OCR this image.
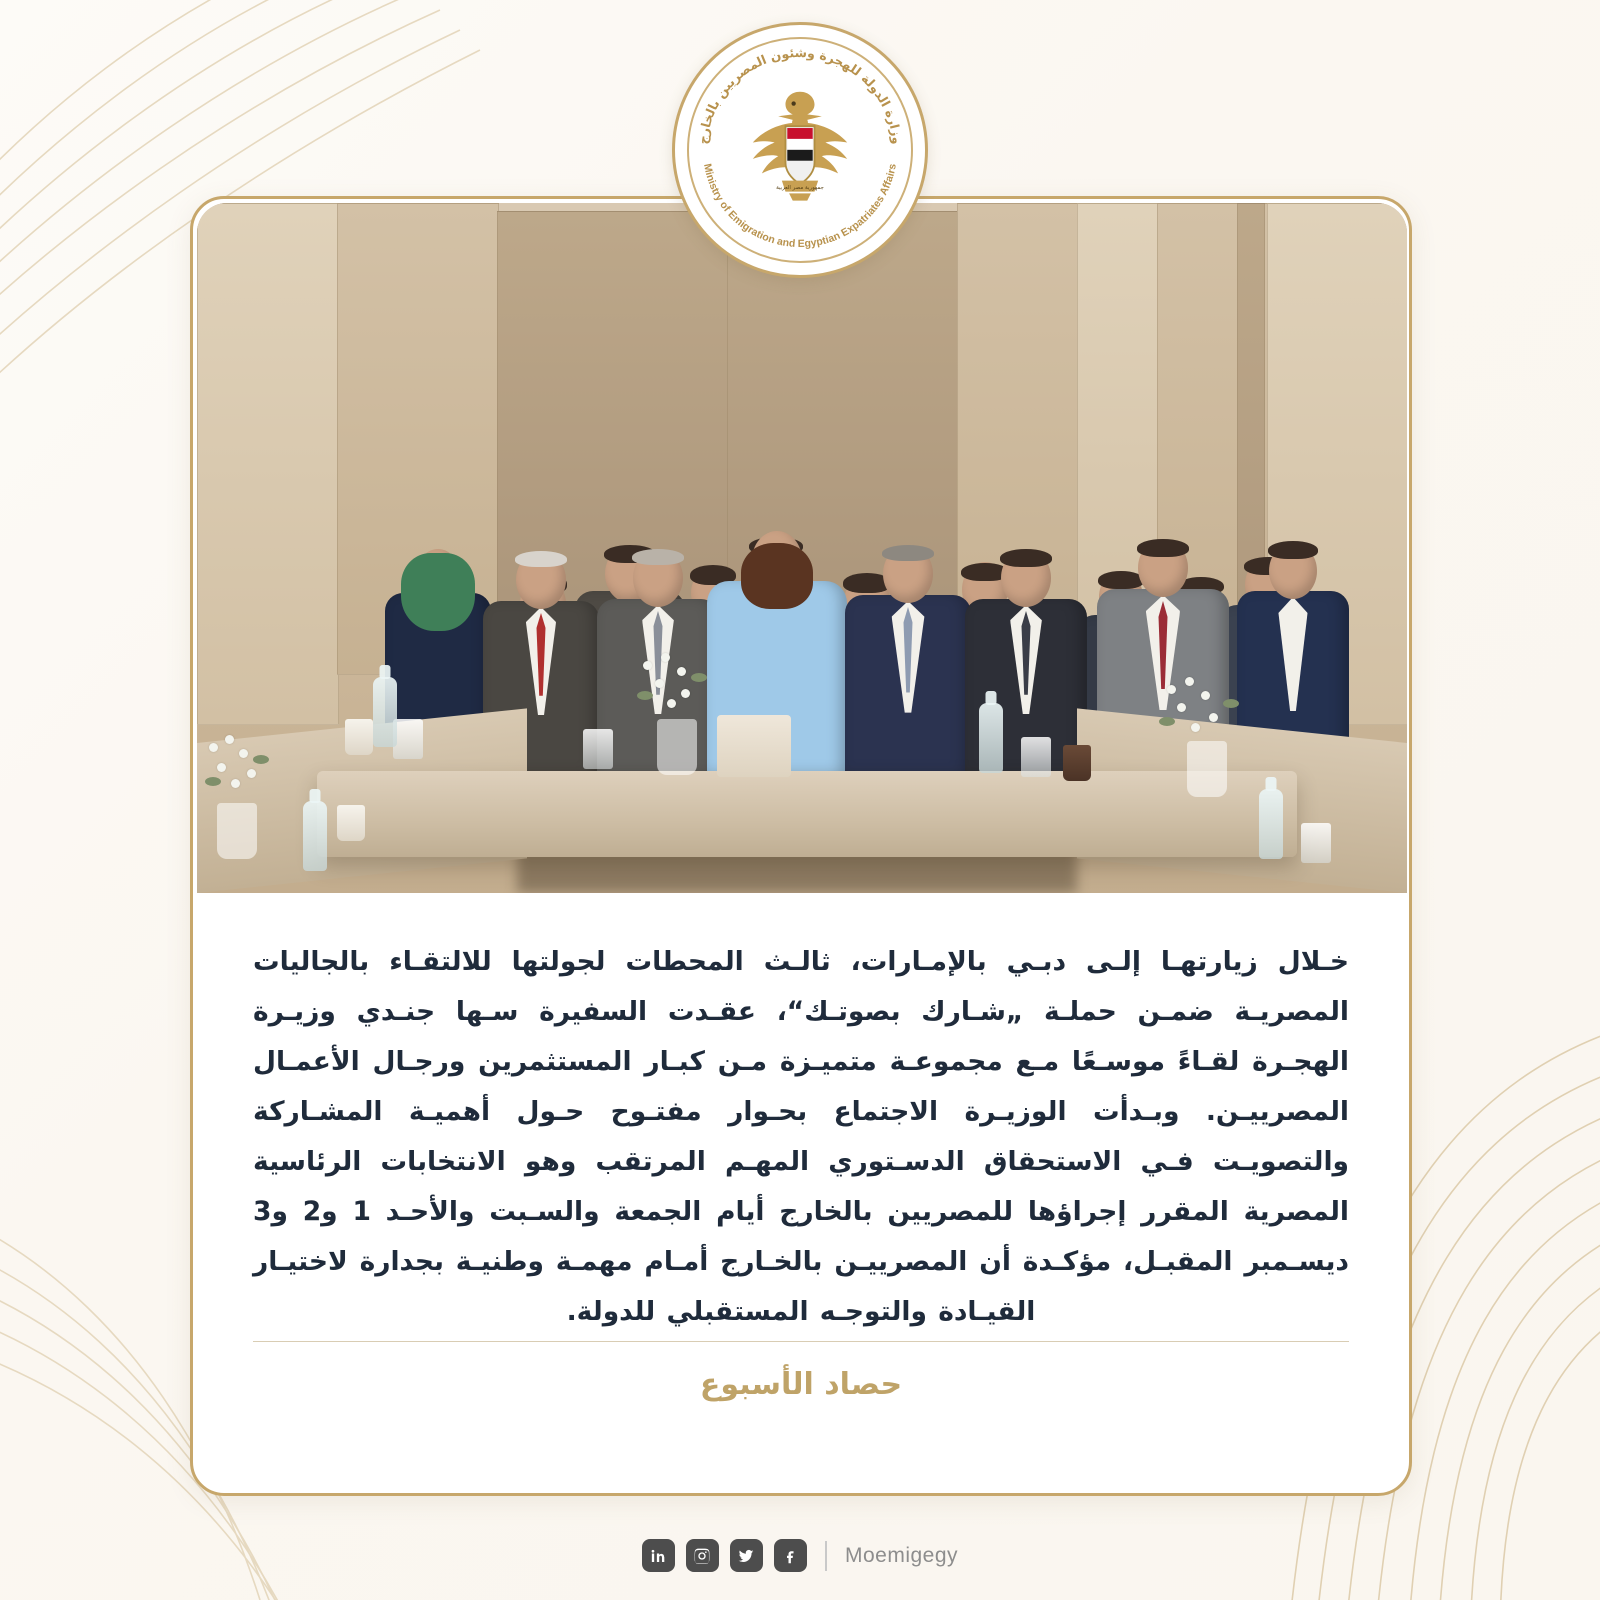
وزارة الدولة للهجرة وشئون المصريين بالخارج
Ministry of Emigration and Egyptian Expatriates Affairs
جمهورية مصر العربية

خـلال زيارتهـا إلـى دبـي بالإمـارات، ثالـث المحطات لجولتها للالتقـاء بالجاليات المصريـة ضمـن حملـة „شـارك بصوتـك“، عقـدت السفيرة سـها جنـدي وزيـرة الهجـرة لقـاءً موسـعًا مـع مجموعـة متميـزة مـن كبـار المستثمرين ورجـال الأعمـال المصرييـن. وبـدأت الوزيـرة الاجتماع بحـوار مفتـوح حـول أهميـة المشـاركة والتصويـت فـي الاستحقاق الدسـتوري المهـم المرتقب وهو الانتخابات الرئاسية المصرية المقرر إجراؤها للمصريين بالخارج أيام الجمعة والسـبت والأحـد 1 و2 و3 ديسـمبر المقبـل، مؤكـدة أن المصرييـن بالخـارج أمـام مهمـة وطنيـة بجدارة لاختيـار القيـادة والتوجـه المستقبلي للدولة.

حصاد الأسبوع
Moemigegy
